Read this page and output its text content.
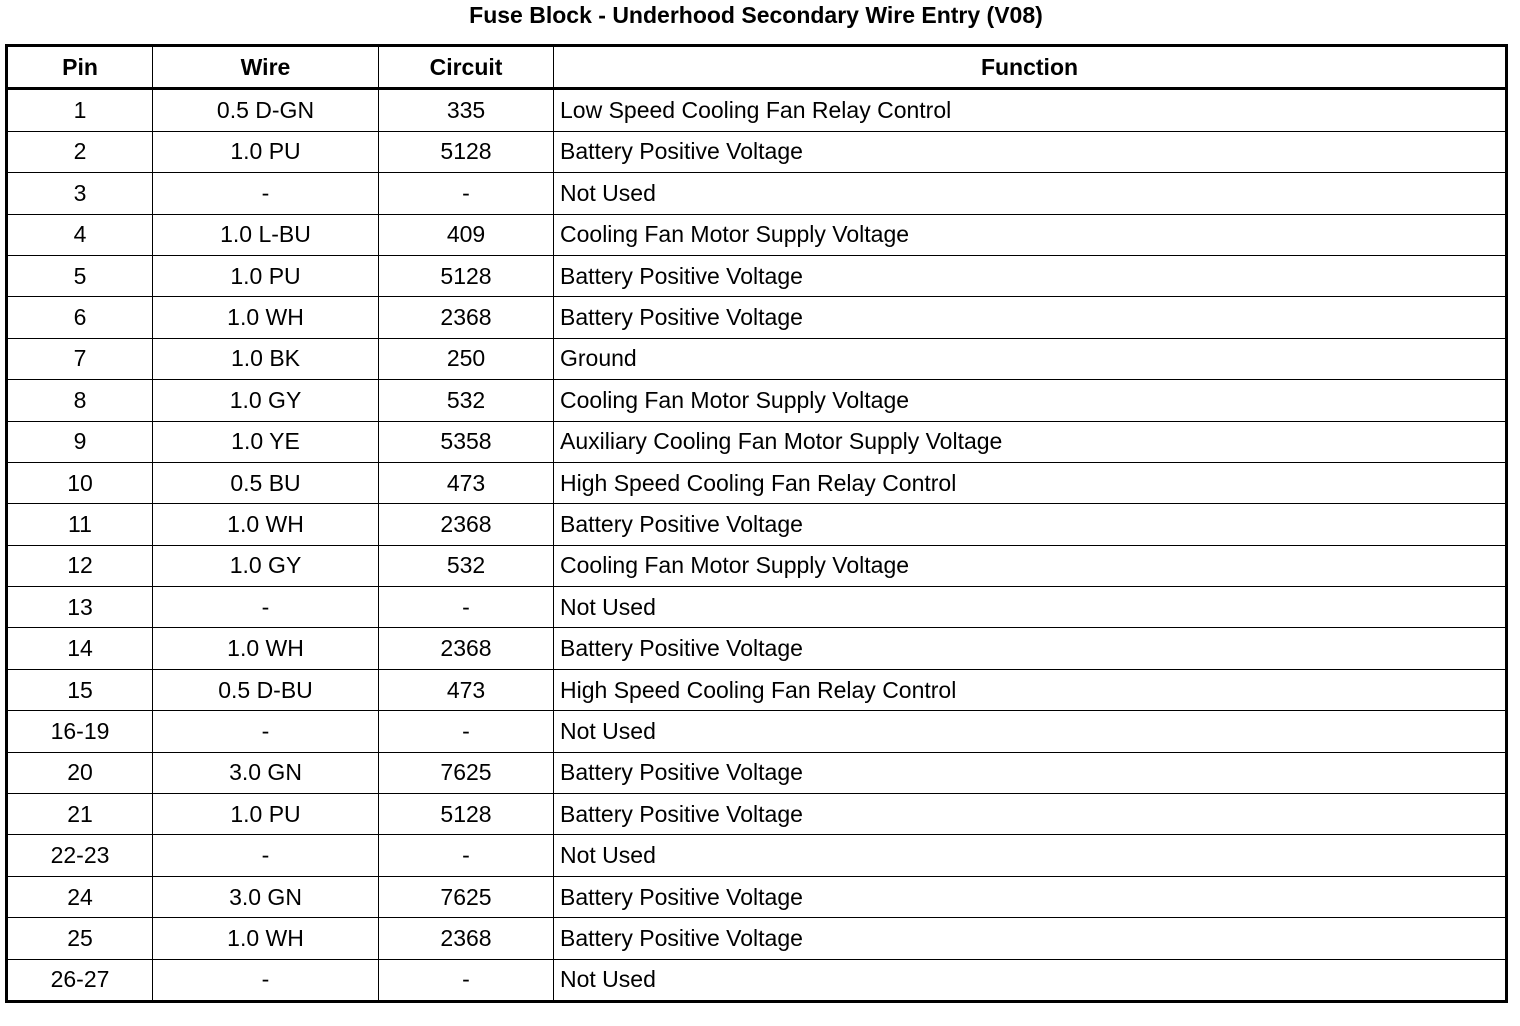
Fuse Block - Underhood Secondary Wire Entry (V08)
Pin	Wire	Circuit	Function
1	0.5 D-GN	335	Low Speed Cooling Fan Relay Control
2	1.0 PU	5128	Battery Positive Voltage
3	-	-	Not Used
4	1.0 L-BU	409	Cooling Fan Motor Supply Voltage
5	1.0 PU	5128	Battery Positive Voltage
6	1.0 WH	2368	Battery Positive Voltage
7	1.0 BK	250	Ground
8	1.0 GY	532	Cooling Fan Motor Supply Voltage
9	1.0 YE	5358	Auxiliary Cooling Fan Motor Supply Voltage
10	0.5 BU	473	High Speed Cooling Fan Relay Control
11	1.0 WH	2368	Battery Positive Voltage
12	1.0 GY	532	Cooling Fan Motor Supply Voltage
13	-	-	Not Used
14	1.0 WH	2368	Battery Positive Voltage
15	0.5 D-BU	473	High Speed Cooling Fan Relay Control
16-19	-	-	Not Used
20	3.0 GN	7625	Battery Positive Voltage
21	1.0 PU	5128	Battery Positive Voltage
22-23	-	-	Not Used
24	3.0 GN	7625	Battery Positive Voltage
25	1.0 WH	2368	Battery Positive Voltage
26-27	-	-	Not Used
